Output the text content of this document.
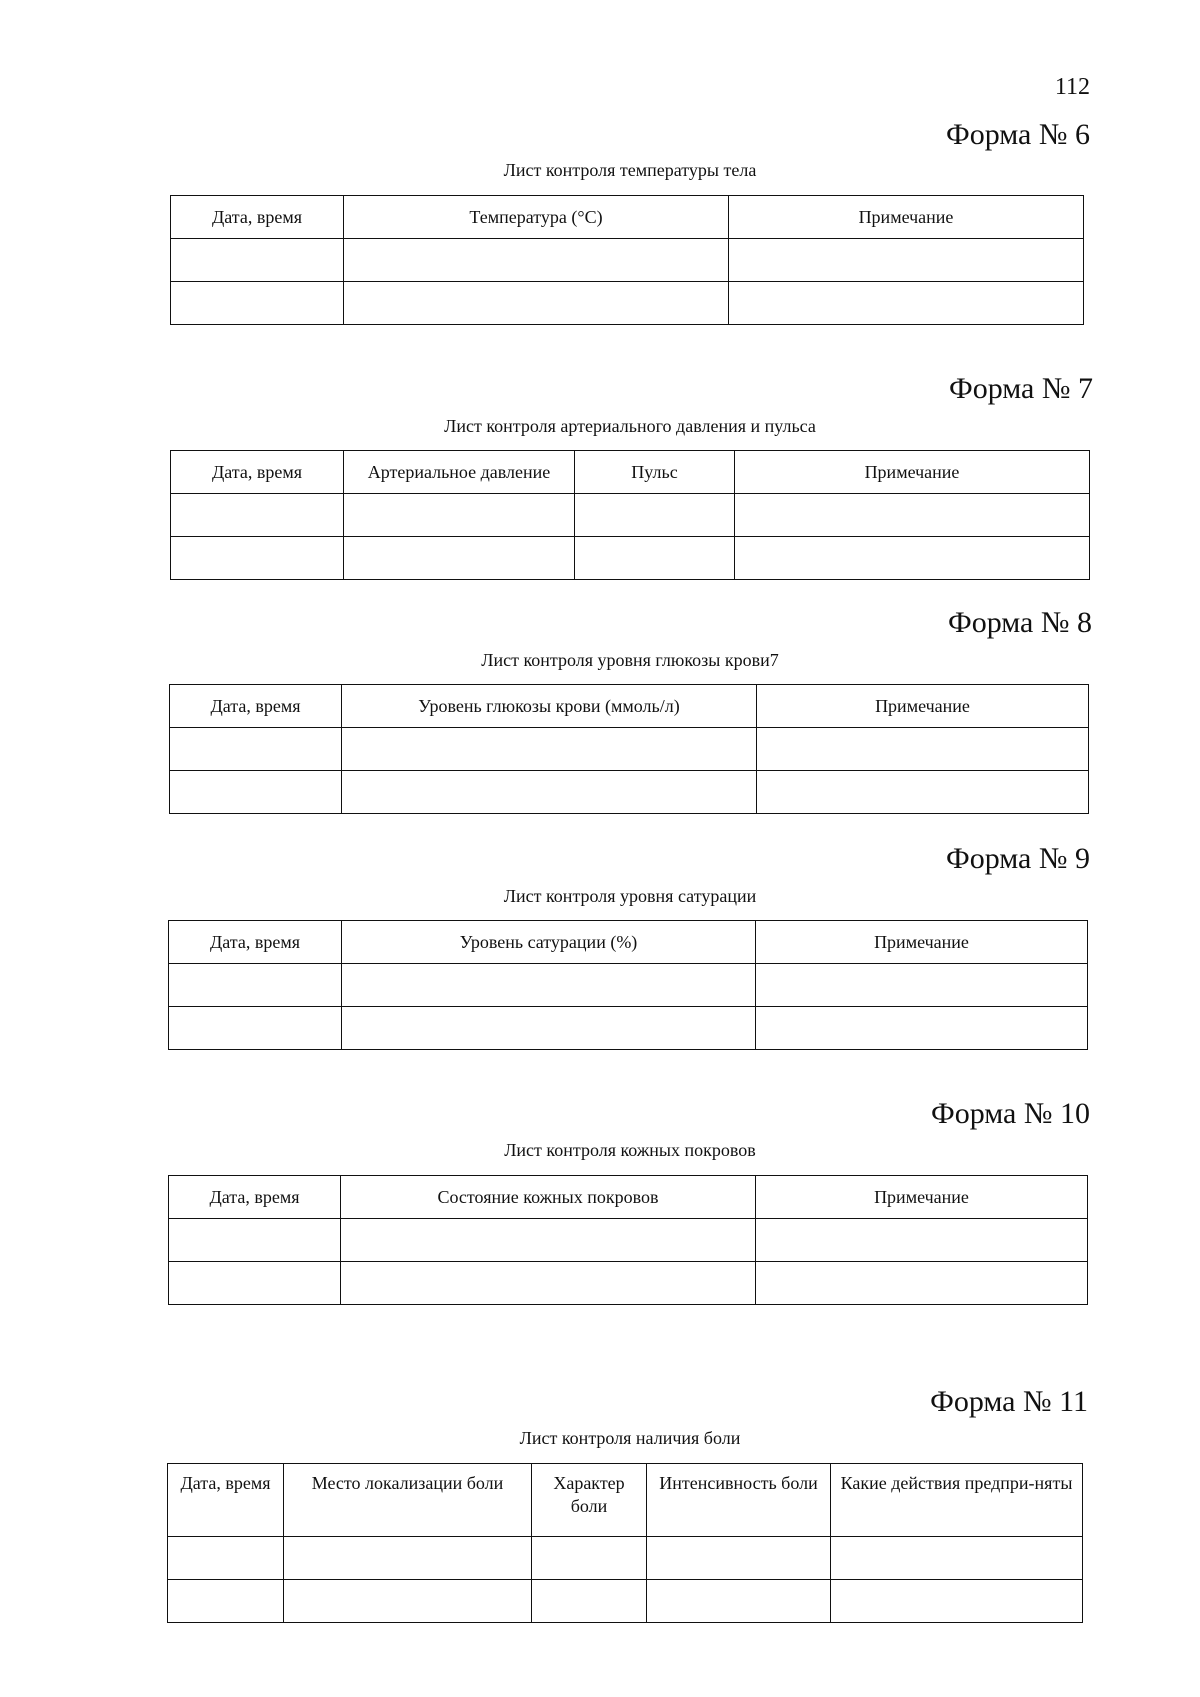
112
Форма № 6
Лист контроля температуры тела
Дата, время	Температура (°С)	Примечание

Форма № 7
Лист контроля артериального давления и пульса
Дата, время	Артериальное давление	Пульс	Примечание

Форма № 8
Лист контроля уровня глюкозы крови7
Дата, время	Уровень глюкозы крови (ммоль/л)	Примечание

Форма № 9
Лист контроля уровня сатурации
Дата, время	Уровень сатурации (%)	Примечание

Форма № 10
Лист контроля кожных покровов
Дата, время	Состояние кожных покровов	Примечание

Форма № 11
Лист контроля наличия боли
Дата, время	Место локализации боли	Характер боли	Интенсивность боли	Какие действия предпри-няты
